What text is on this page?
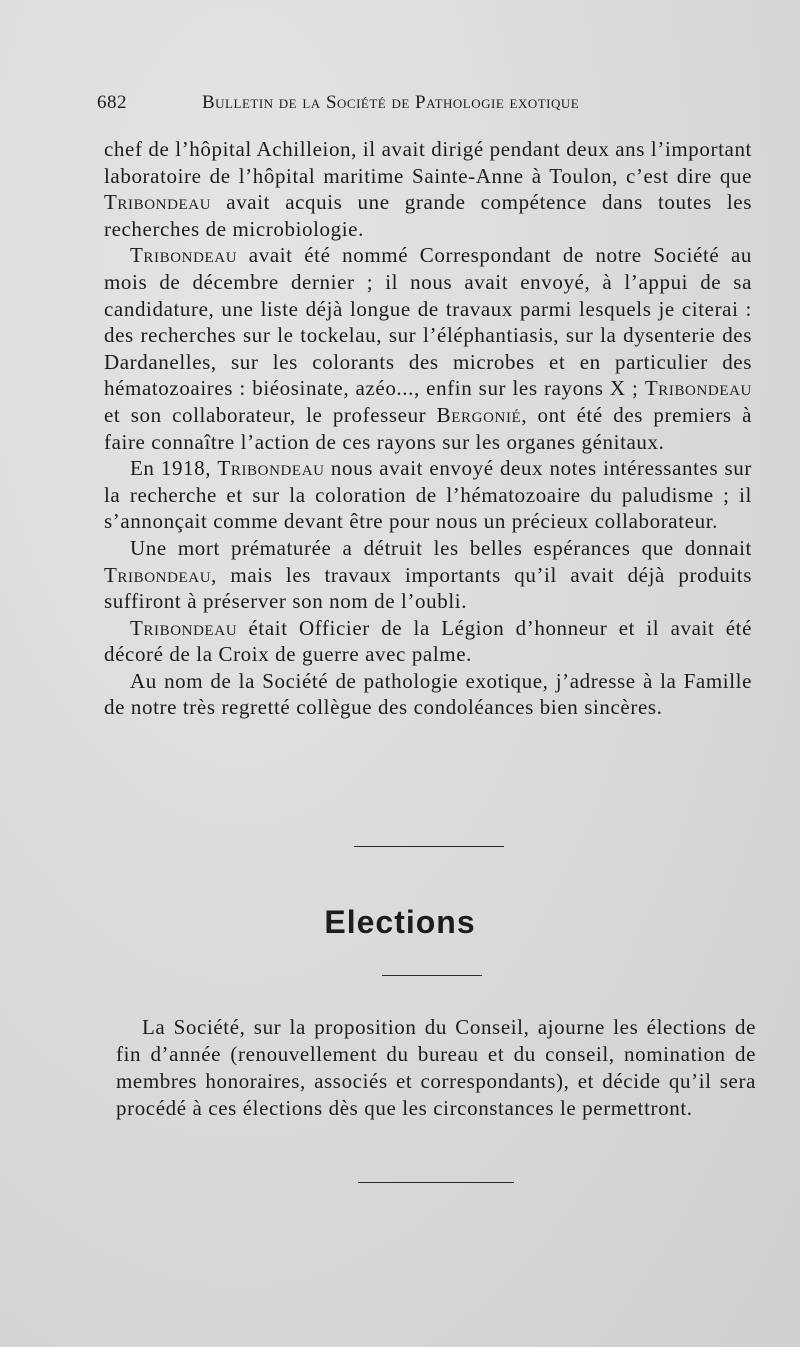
682	Bulletin de la Société de Pathologie exotique

chef de l’hôpital Achilleion, il avait dirigé pendant deux ans l’important laboratoire de l’hôpital maritime Sainte-Anne à Toulon, c’est dire que Tribondeau avait acquis une grande compétence dans toutes les recherches de microbiologie.

Tribondeau avait été nommé Correspondant de notre Société au mois de décembre dernier ; il nous avait envoyé, à l’appui de sa candidature, une liste déjà longue de travaux parmi lesquels je citerai : des recherches sur le tockelau, sur l’éléphantiasis, sur la dysenterie des Dardanelles, sur les colorants des microbes et en particulier des hématozoaires : biéosinate, azéo..., enfin sur les rayons X ; Tribondeau et son collaborateur, le professeur Bergonié, ont été des premiers à faire connaître l’action de ces rayons sur les organes génitaux.

En 1918, Tribondeau nous avait envoyé deux notes intéressantes sur la recherche et sur la coloration de l’hématozoaire du paludisme ; il s’annonçait comme devant être pour nous un précieux collaborateur.

Une mort prématurée a détruit les belles espérances que donnait Tribondeau, mais les travaux importants qu’il avait déjà produits suffiront à préserver son nom de l’oubli.

Tribondeau était Officier de la Légion d’honneur et il avait été décoré de la Croix de guerre avec palme.

Au nom de la Société de pathologie exotique, j’adresse à la Famille de notre très regretté collègue des condoléances bien sincères.

Elections

La Société, sur la proposition du Conseil, ajourne les élections de fin d’année (renouvellement du bureau et du conseil, nomination de membres honoraires, associés et correspondants), et décide qu’il sera procédé à ces élections dès que les circonstances le permettront.
